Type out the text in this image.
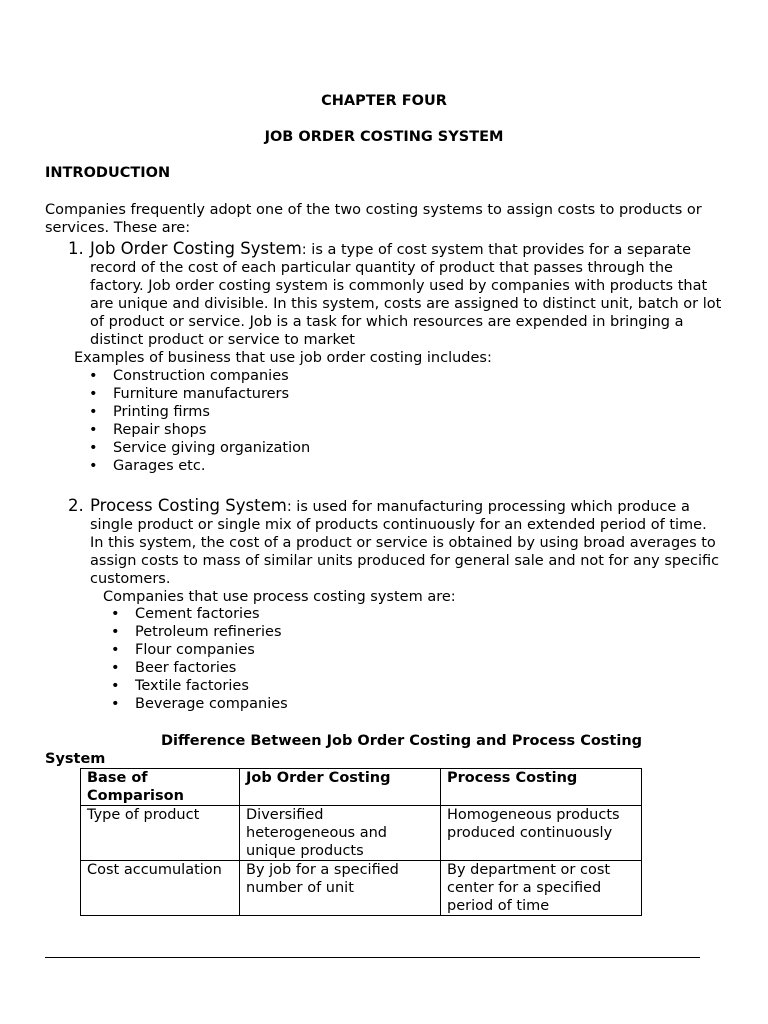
CHAPTER FOUR
JOB ORDER COSTING SYSTEM
INTRODUCTION
Companies frequently adopt one of the two costing systems to assign costs to products or services. These are:
1. Job Order Costing System: is a type of cost system that provides for a separate record of the cost of each particular quantity of product that passes through the factory. Job order costing system is commonly used by companies with products that are unique and divisible. In this system, costs are assigned to distinct unit, batch or lot of product or service. Job is a task for which resources are expended in bringing a distinct product or service to market
Examples of business that use job order costing includes:
• Construction companies
• Furniture manufacturers
• Printing firms
• Repair shops
• Service giving organization
• Garages etc.
2. Process Costing System: is used for manufacturing processing which produce a single product or single mix of products continuously for an extended period of time. In this system, the cost of a product or service is obtained by using broad averages to assign costs to mass of similar units produced for general sale and not for any specific customers.
Companies that use process costing system are:
• Cement factories
• Petroleum refineries
• Flour companies
• Beer factories
• Textile factories
• Beverage companies
Difference Between Job Order Costing and Process Costing System
Base of Comparison	Job Order Costing	Process Costing
Type of product	Diversified heterogeneous and unique products	Homogeneous products produced continuously
Cost accumulation	By job for a specified number of unit	By department or cost center for a specified period of time
